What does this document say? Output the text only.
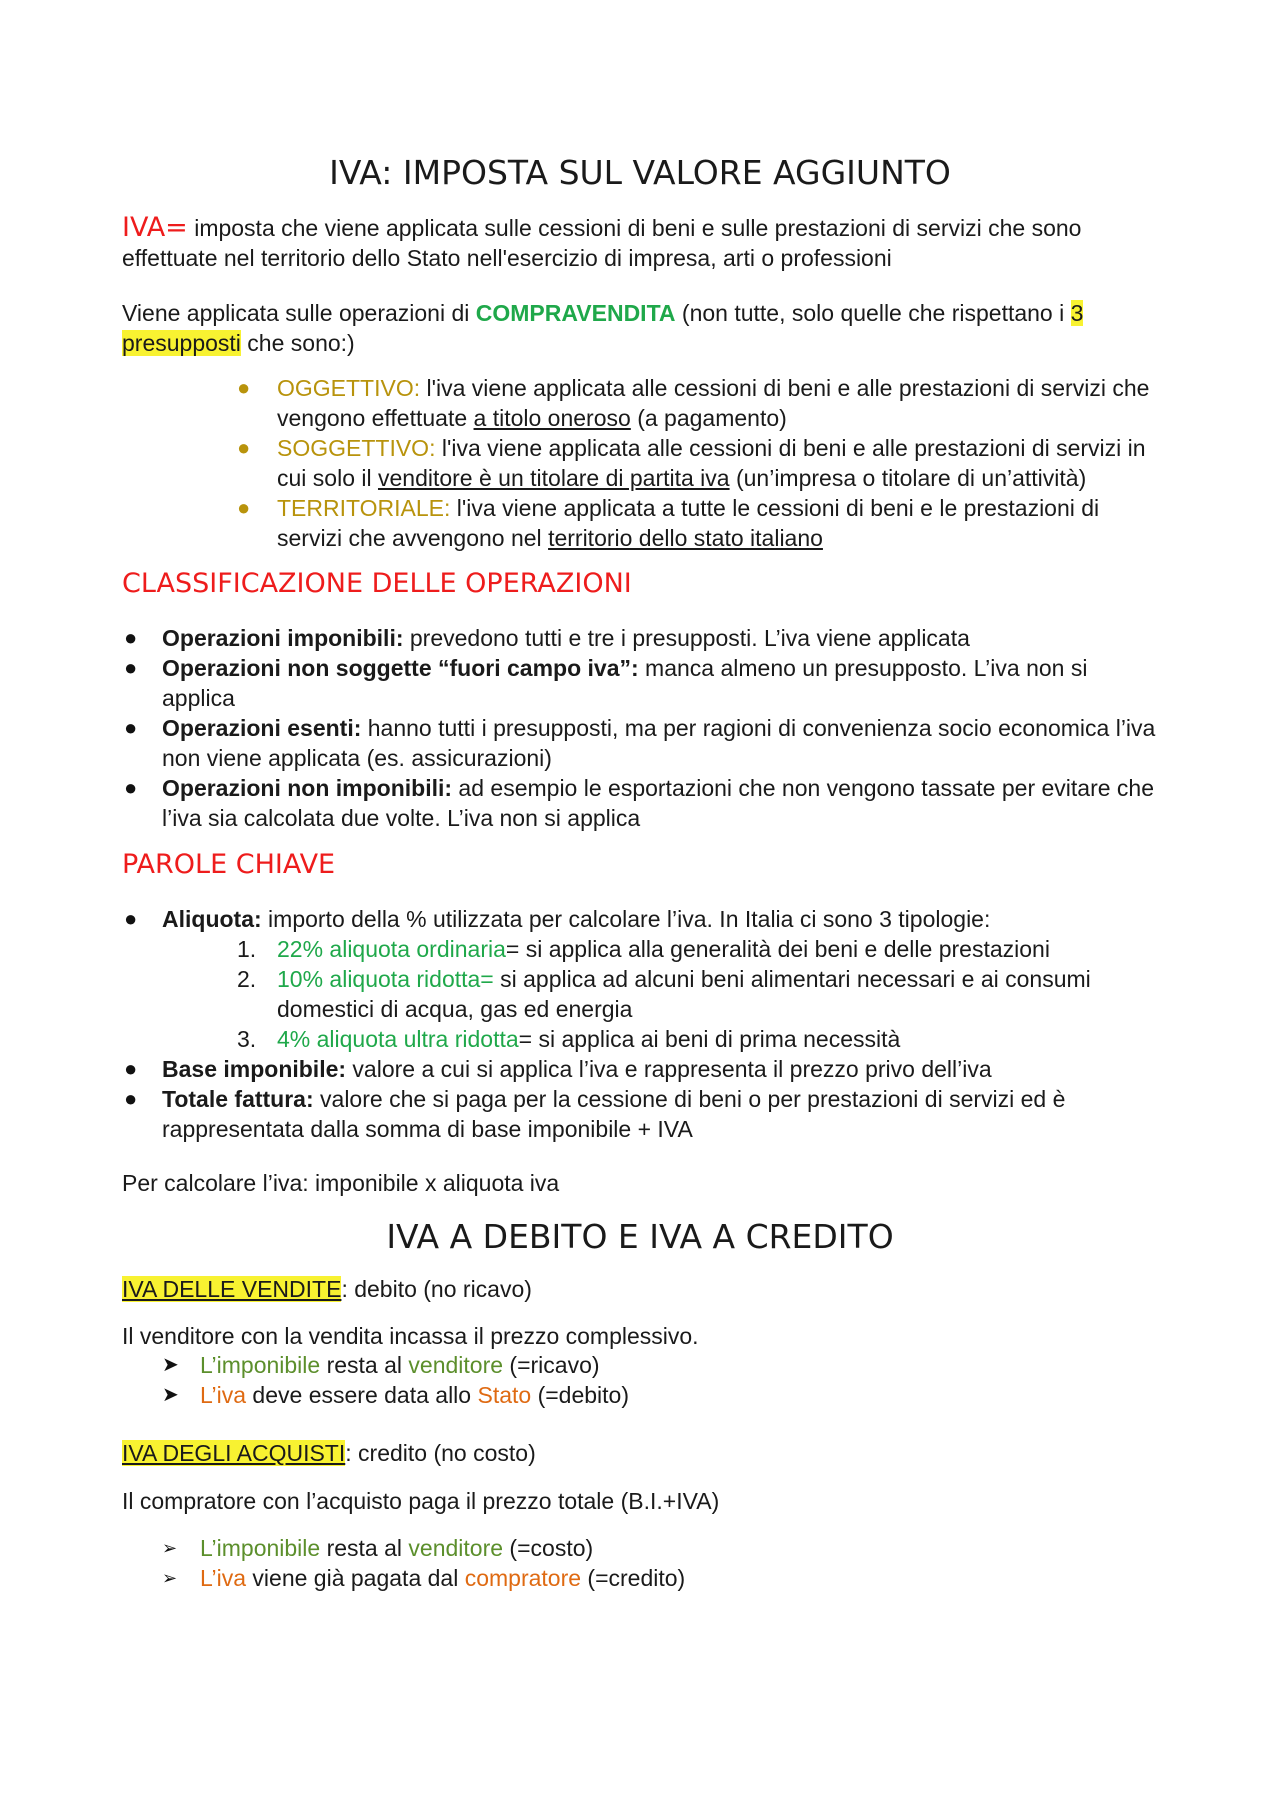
IVA: IMPOSTA SUL VALORE AGGIUNTO
IVA= imposta che viene applicata sulle cessioni di beni e sulle prestazioni di servizi che sono effettuate nel territorio dello Stato nell'esercizio di impresa, arti o professioni
Viene applicata sulle operazioni di COMPRAVENDITA (non tutte, solo quelle che rispettano i 3 presupposti che sono:)
● OGGETTIVO: l'iva viene applicata alle cessioni di beni e alle prestazioni di servizi che vengono effettuate a titolo oneroso (a pagamento)
● SOGGETTIVO: l'iva viene applicata alle cessioni di beni e alle prestazioni di servizi in cui solo il venditore è un titolare di partita iva (un’impresa o titolare di un’attività)
● TERRITORIALE: l'iva viene applicata a tutte le cessioni di beni e le prestazioni di servizi che avvengono nel territorio dello stato italiano
CLASSIFICAZIONE DELLE OPERAZIONI
● Operazioni imponibili: prevedono tutti e tre i presupposti. L’iva viene applicata
● Operazioni non soggette “fuori campo iva”: manca almeno un presupposto. L’iva non si applica
● Operazioni esenti: hanno tutti i presupposti, ma per ragioni di convenienza socio economica l’iva non viene applicata (es. assicurazioni)
● Operazioni non imponibili: ad esempio le esportazioni che non vengono tassate per evitare che l’iva sia calcolata due volte. L’iva non si applica
PAROLE CHIAVE
● Aliquota: importo della % utilizzata per calcolare l’iva. In Italia ci sono 3 tipologie:
1. 22% aliquota ordinaria= si applica alla generalità dei beni e delle prestazioni
2. 10% aliquota ridotta= si applica ad alcuni beni alimentari necessari e ai consumi domestici di acqua, gas ed energia
3. 4% aliquota ultra ridotta= si applica ai beni di prima necessità
● Base imponibile: valore a cui si applica l’iva e rappresenta il prezzo privo dell’iva
● Totale fattura: valore che si paga per la cessione di beni o per prestazioni di servizi ed è rappresentata dalla somma di base imponibile + IVA
Per calcolare l’iva: imponibile x aliquota iva
IVA A DEBITO E IVA A CREDITO
IVA DELLE VENDITE: debito (no ricavo)
Il venditore con la vendita incassa il prezzo complessivo.
➤ L’imponibile resta al venditore (=ricavo)
➤ L’iva deve essere data allo Stato (=debito)
IVA DEGLI ACQUISTI: credito (no costo)
Il compratore con l’acquisto paga il prezzo totale (B.I.+IVA)
➢ L’imponibile resta al venditore (=costo)
➢ L’iva viene già pagata dal compratore (=credito)
